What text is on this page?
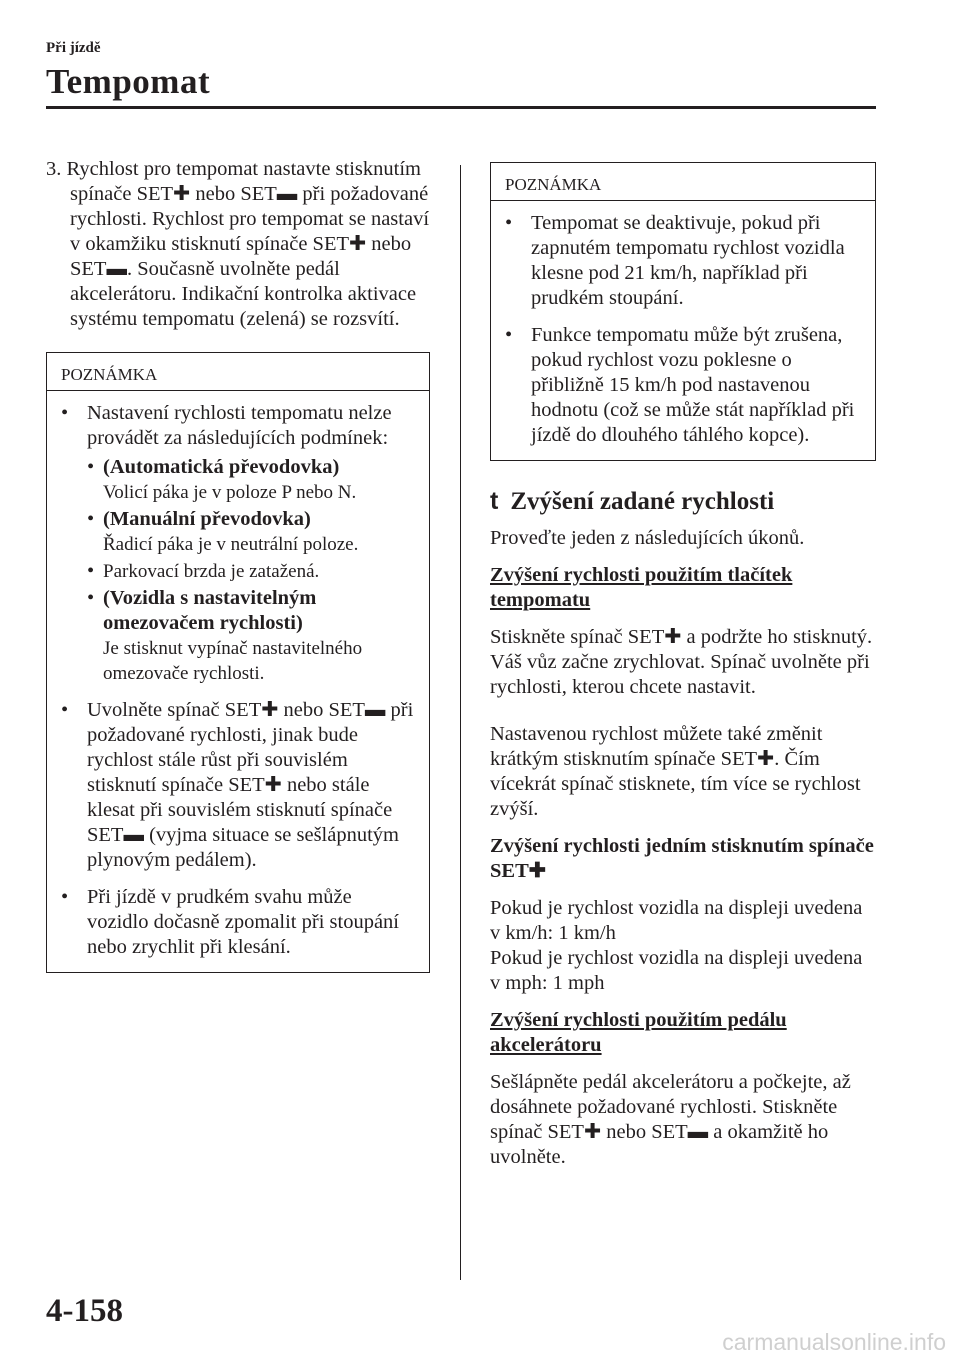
Při jízdě
Tempomat

3. Rychlost pro tempomat nastavte stisknutím spínače SET✚ nebo SET▬ při požadované rychlosti. Rychlost pro tempomat se nastaví v okamžiku stisknutí spínače SET✚ nebo SET▬. Současně uvolněte pedál akcelerátoru. Indikační kontrolka aktivace systému tempomatu (zelená) se rozsvítí.

POZNÁMKA
• Nastavení rychlosti tempomatu nelze provádět za následujících podmínek:

• (Automatická převodovka)
Volicí páka je v poloze P nebo N.
• (Manuální převodovka)
Řadicí páka je v neutrální poloze.
• Parkovací brzda je zatažená.
• (Vozidla s nastavitelným omezovačem rychlosti)
Je stisknut vypínač nastavitelného omezovače rychlosti.
• Uvolněte spínač SET✚ nebo SET▬ při požadované rychlosti, jinak bude rychlost stále růst při souvislém stisknutí spínače SET✚ nebo stále klesat při souvislém stisknutí spínače SET▬ (vyjma situace se sešlápnutým plynovým pedálem).

• Při jízdě v prudkém svahu může vozidlo dočasně zpomalit při stoupání nebo zrychlit při klesání.

POZNÁMKA
• Tempomat se deaktivuje, pokud při zapnutém tempomatu rychlost vozidla klesne pod 21 km/h, například při prudkém stoupání.

• Funkce tempomatu může být zrušena, pokud rychlost vozu poklesne o přibližně 15 km/h pod nastavenou hodnotu (což se může stát například při jízdě do dlouhého táhlého kopce).

t Zvýšení zadané rychlosti

Proveďte jeden z následujících úkonů.

Zvýšení rychlosti použitím tlačítek tempomatu

Stiskněte spínač SET✚ a podržte ho stisknutý. Váš vůz začne zrychlovat. Spínač uvolněte při rychlosti, kterou chcete nastavit.

Nastavenou rychlost můžete také změnit krátkým stisknutím spínače SET✚. Čím vícekrát spínač stisknete, tím více se rychlost zvýší.

Zvýšení rychlosti jedním stisknutím spínače SET✚

Pokud je rychlost vozidla na displeji uvedena v km/h: 1 km/h

Pokud je rychlost vozidla na displeji uvedena v mph: 1 mph

Zvýšení rychlosti použitím pedálu akcelerátoru

Sešlápněte pedál akcelerátoru a počkejte, až dosáhnete požadované rychlosti. Stiskněte spínač SET✚ nebo SET▬ a okamžitě ho uvolněte.

4-158
carmanualsonline.info
